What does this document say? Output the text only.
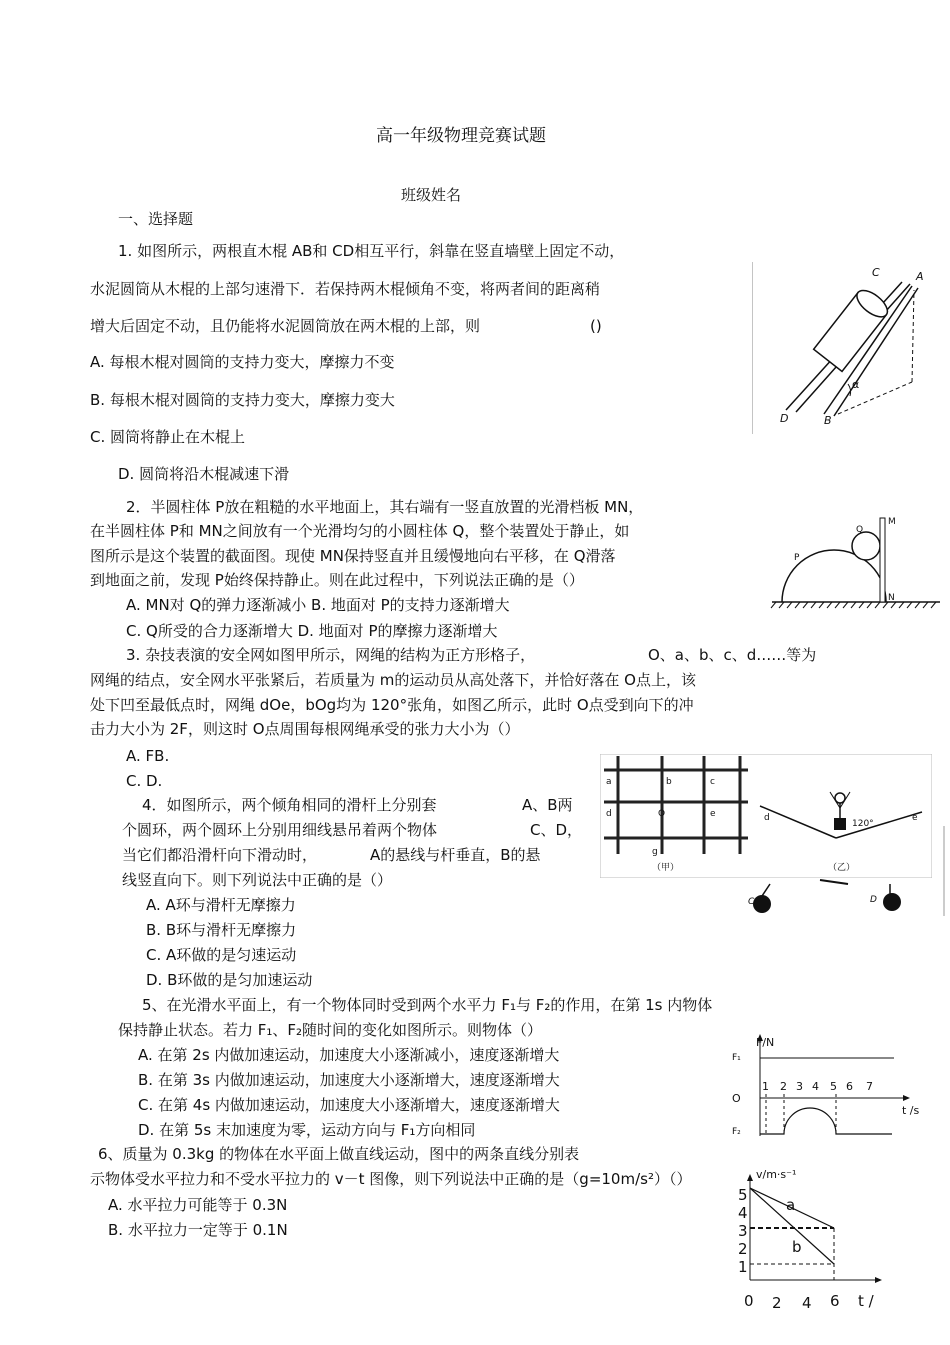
高一年级物理竞赛试题
班级姓名
一、选择题
1. 如图所示，两根直木棍 AB和 CD相互平行，斜靠在竖直墙壁上固定不动，
水泥圆筒从木棍的上部匀速滑下．若保持两木棍倾角不变，将两者间的距离稍
增大后固定不动，且仍能将水泥圆筒放在两木棍的上部，则	()
A. 每根木棍对圆筒的支持力变大，摩擦力不变
B. 每根木棍对圆筒的支持力变大，摩擦力变大
C. 圆筒将静止在木棍上
D. 圆筒将沿木棍减速下滑
C	A
D	B
α
2．半圆柱体 P放在粗糙的水平地面上，其右端有一竖直放置的光滑档板 MN，
在半圆柱体 P和 MN之间放有一个光滑均匀的小圆柱体 Q，整个装置处于静止，如
图所示是这个装置的截面图。现使 MN保持竖直并且缓慢地向右平移，在 Q滑落
到地面之前，发现 P始终保持静止。则在此过程中，下列说法正确的是（）
A. MN对 Q的弹力逐渐减小 B. 地面对 P的支持力逐渐增大
C. Q所受的合力逐渐增大 D. 地面对 P的摩擦力逐渐增大
M
Q
P
N
3. 杂技表演的安全网如图甲所示，网绳的结构为正方形格子，	O、a、b、c、d……等为
网绳的结点，安全网水平张紧后，若质量为 m的运动员从高处落下，并恰好落在 O点上，该
处下凹至最低点时，网绳 dOe，bOg均为 120°张角，如图乙所示，此时 O点受到向下的冲
击力大小为 2F，则这时 O点周围每根网绳承受的张力大小为（）
A. FB.
C. D.
O
a	b	c
d	e
g
（甲）
120°
d	e
（乙）
4．如图所示，两个倾角相同的滑杆上分别套	A、B两
个圆环，两个圆环上分别用细线悬吊着两个物体	C、D，
当它们都沿滑杆向下滑动时，	A的悬线与杆垂直，B的悬
线竖直向下。则下列说法中正确的是（）
A. A环与滑杆无摩擦力
B. B环与滑杆无摩擦力
C. A环做的是匀速运动
D. B环做的是匀加速运动
C	D
5、在光滑水平面上，有一个物体同时受到两个水平力 F₁与 F₂的作用，在第 1s 内物体
保持静止状态。若力 F₁、F₂随时间的变化如图所示。则物体（）
A. 在第 2s 内做加速运动，加速度大小逐渐减小，速度逐渐增大
B. 在第 3s 内做加速运动，加速度大小逐渐增大，速度逐渐增大
C. 在第 4s 内做加速运动，加速度大小逐渐增大，速度逐渐增大
D. 在第 5s 末加速度为零，运动方向与 F₁方向相同
F/N
t /s
O
F₁
F₂
1 2 3 4 5 6 7
6、质量为 0.3kg 的物体在水平面上做直线运动，图中的两条直线分别表
示物体受水平拉力和不受水平拉力的 v－t 图像，则下列说法中正确的是（g=10m/s²）（）
A. 水平拉力可能等于 0.3N
B. 水平拉力一定等于 0.1N
v/m·s⁻¹
t /
0
5
4
3
2
1
2 4 6
a
b
